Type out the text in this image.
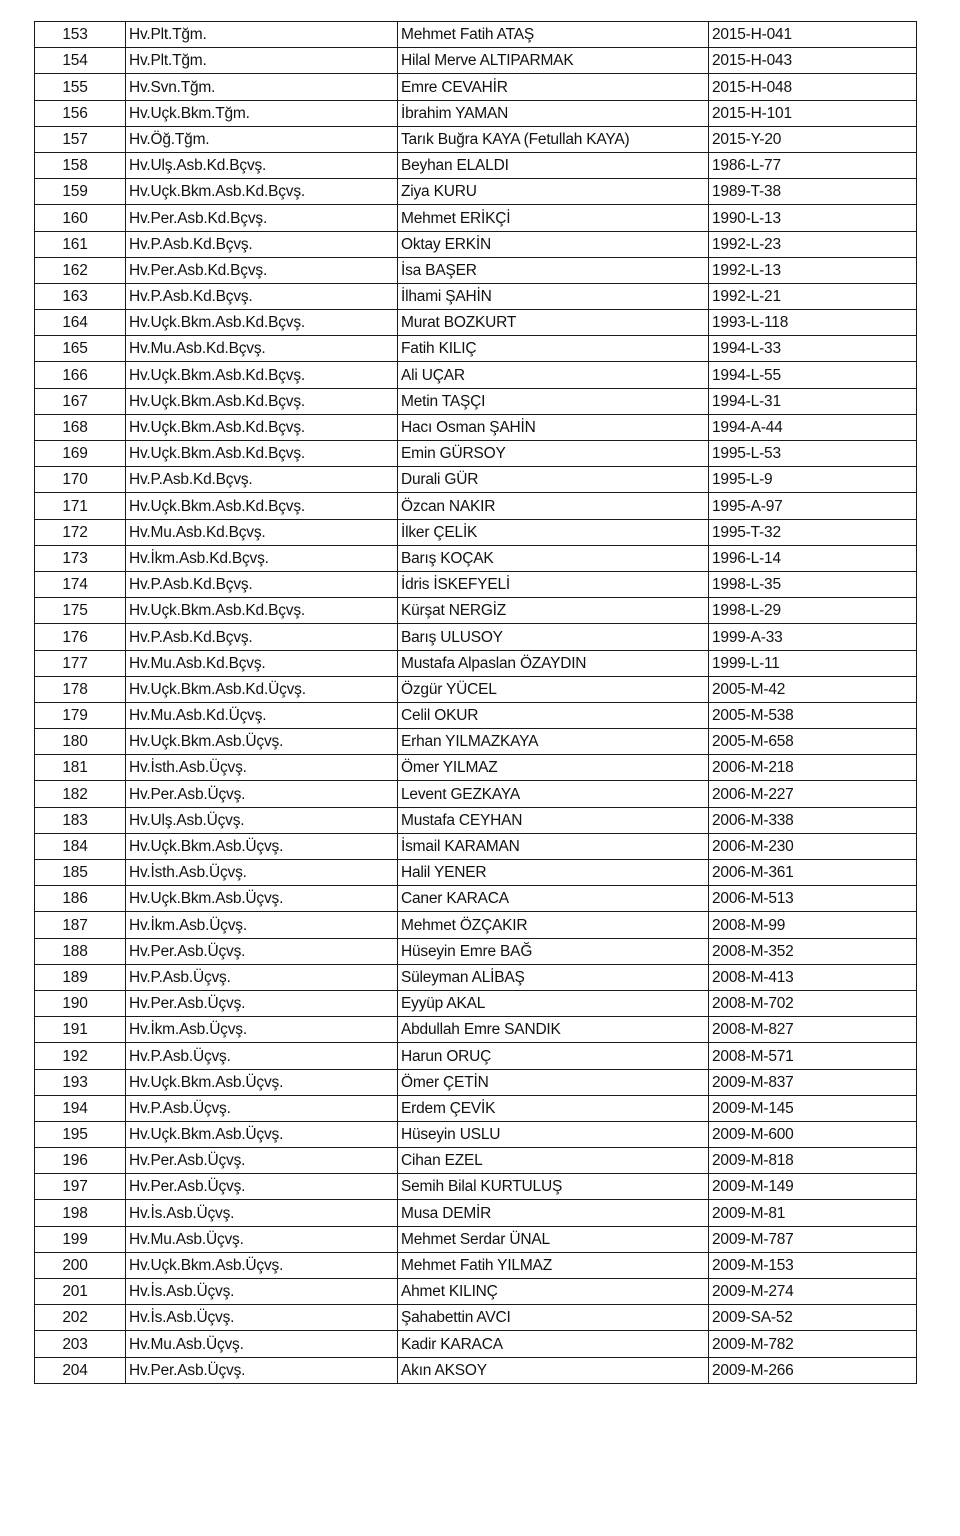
153	Hv.Plt.Tğm.	Mehmet Fatih ATAŞ	2015-H-041
154	Hv.Plt.Tğm.	Hilal Merve ALTIPARMAK	2015-H-043
155	Hv.Svn.Tğm.	Emre CEVAHİR	2015-H-048
156	Hv.Uçk.Bkm.Tğm.	İbrahim YAMAN	2015-H-101
157	Hv.Öğ.Tğm.	Tarık Buğra KAYA (Fetullah KAYA)	2015-Y-20
158	Hv.Ulş.Asb.Kd.Bçvş.	Beyhan ELALDI	1986-L-77
159	Hv.Uçk.Bkm.Asb.Kd.Bçvş.	Ziya KURU	1989-T-38
160	Hv.Per.Asb.Kd.Bçvş.	Mehmet ERİKÇİ	1990-L-13
161	Hv.P.Asb.Kd.Bçvş.	Oktay ERKİN	1992-L-23
162	Hv.Per.Asb.Kd.Bçvş.	İsa BAŞER	1992-L-13
163	Hv.P.Asb.Kd.Bçvş.	İlhami ŞAHİN	1992-L-21
164	Hv.Uçk.Bkm.Asb.Kd.Bçvş.	Murat BOZKURT	1993-L-118
165	Hv.Mu.Asb.Kd.Bçvş.	Fatih KILIÇ	1994-L-33
166	Hv.Uçk.Bkm.Asb.Kd.Bçvş.	Ali UÇAR	1994-L-55
167	Hv.Uçk.Bkm.Asb.Kd.Bçvş.	Metin TAŞÇI	1994-L-31
168	Hv.Uçk.Bkm.Asb.Kd.Bçvş.	Hacı Osman ŞAHİN	1994-A-44
169	Hv.Uçk.Bkm.Asb.Kd.Bçvş.	Emin GÜRSOY	1995-L-53
170	Hv.P.Asb.Kd.Bçvş.	Durali GÜR	1995-L-9
171	Hv.Uçk.Bkm.Asb.Kd.Bçvş.	Özcan NAKIR	1995-A-97
172	Hv.Mu.Asb.Kd.Bçvş.	İlker ÇELİK	1995-T-32
173	Hv.İkm.Asb.Kd.Bçvş.	Barış KOÇAK	1996-L-14
174	Hv.P.Asb.Kd.Bçvş.	İdris İSKEFYELİ	1998-L-35
175	Hv.Uçk.Bkm.Asb.Kd.Bçvş.	Kürşat NERGİZ	1998-L-29
176	Hv.P.Asb.Kd.Bçvş.	Barış ULUSOY	1999-A-33
177	Hv.Mu.Asb.Kd.Bçvş.	Mustafa Alpaslan ÖZAYDIN	1999-L-11
178	Hv.Uçk.Bkm.Asb.Kd.Üçvş.	Özgür YÜCEL	2005-M-42
179	Hv.Mu.Asb.Kd.Üçvş.	Celil OKUR	2005-M-538
180	Hv.Uçk.Bkm.Asb.Üçvş.	Erhan YILMAZKAYA	2005-M-658
181	Hv.İsth.Asb.Üçvş.	Ömer YILMAZ	2006-M-218
182	Hv.Per.Asb.Üçvş.	Levent GEZKAYA	2006-M-227
183	Hv.Ulş.Asb.Üçvş.	Mustafa CEYHAN	2006-M-338
184	Hv.Uçk.Bkm.Asb.Üçvş.	İsmail KARAMAN	2006-M-230
185	Hv.İsth.Asb.Üçvş.	Halil YENER	2006-M-361
186	Hv.Uçk.Bkm.Asb.Üçvş.	Caner KARACA	2006-M-513
187	Hv.İkm.Asb.Üçvş.	Mehmet ÖZÇAKIR	2008-M-99
188	Hv.Per.Asb.Üçvş.	Hüseyin Emre BAĞ	2008-M-352
189	Hv.P.Asb.Üçvş.	Süleyman ALİBAŞ	2008-M-413
190	Hv.Per.Asb.Üçvş.	Eyyüp AKAL	2008-M-702
191	Hv.İkm.Asb.Üçvş.	Abdullah Emre SANDIK	2008-M-827
192	Hv.P.Asb.Üçvş.	Harun ORUÇ	2008-M-571
193	Hv.Uçk.Bkm.Asb.Üçvş.	Ömer ÇETİN	2009-M-837
194	Hv.P.Asb.Üçvş.	Erdem ÇEVİK	2009-M-145
195	Hv.Uçk.Bkm.Asb.Üçvş.	Hüseyin USLU	2009-M-600
196	Hv.Per.Asb.Üçvş.	Cihan EZEL	2009-M-818
197	Hv.Per.Asb.Üçvş.	Semih Bilal KURTULUŞ	2009-M-149
198	Hv.İs.Asb.Üçvş.	Musa DEMİR	2009-M-81
199	Hv.Mu.Asb.Üçvş.	Mehmet Serdar ÜNAL	2009-M-787
200	Hv.Uçk.Bkm.Asb.Üçvş.	Mehmet Fatih YILMAZ	2009-M-153
201	Hv.İs.Asb.Üçvş.	Ahmet KILINÇ	2009-M-274
202	Hv.İs.Asb.Üçvş.	Şahabettin AVCI	2009-SA-52
203	Hv.Mu.Asb.Üçvş.	Kadir KARACA	2009-M-782
204	Hv.Per.Asb.Üçvş.	Akın AKSOY	2009-M-266
